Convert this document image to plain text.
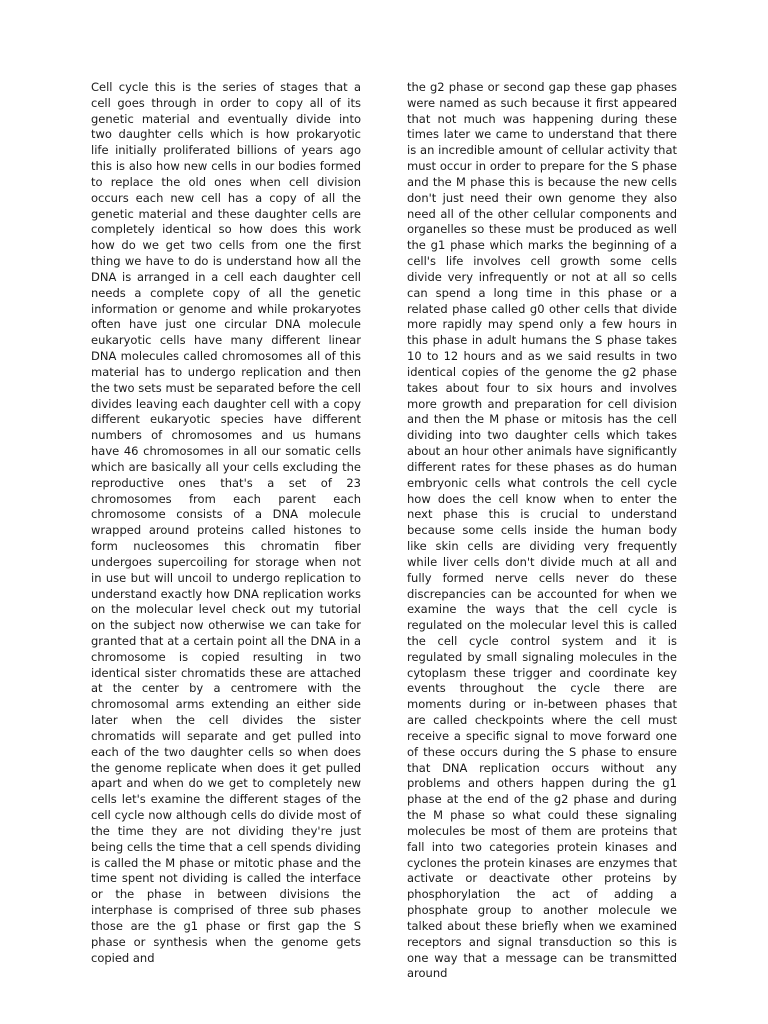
Cell cycle this is the series of stages that a cell goes through in order to copy all of its genetic material and eventually divide into two daughter cells which is how prokaryotic life initially proliferated billions of years ago this is also how new cells in our bodies formed to replace the old ones when cell division occurs each new cell has a copy of all the genetic material and these daughter cells are completely identical so how does this work how do we get two cells from one the first thing we have to do is understand how all the DNA is arranged in a cell each daughter cell needs a complete copy of all the genetic information or genome and while prokaryotes often have just one circular DNA molecule eukaryotic cells have many different linear DNA molecules called chromosomes all of this material has to undergo replication and then the two sets must be separated before the cell divides leaving each daughter cell with a copy different eukaryotic species have different numbers of chromosomes and us humans have 46 chromosomes in all our somatic cells which are basically all your cells excluding the reproductive ones that's a set of 23 chromosomes from each parent each chromosome consists of a DNA molecule wrapped around proteins called histones to form nucleosomes this chromatin fiber undergoes supercoiling for storage when not in use but will uncoil to undergo replication to understand exactly how DNA replication works on the molecular level check out my tutorial on the subject now otherwise we can take for granted that at a certain point all the DNA in a chromosome is copied resulting in two identical sister chromatids these are attached at the center by a centromere with the chromosomal arms extending an either side later when the cell divides the sister chromatids will separate and get pulled into each of the two daughter cells so when does the genome replicate when does it get pulled apart and when do we get to completely new cells let's examine the different stages of the cell cycle now although cells do divide most of the time they are not dividing they're just being cells the time that a cell spends dividing is called the M phase or mitotic phase and the time spent not dividing is called the interface or the phase in between divisions the interphase is comprised of three sub phases those are the g1 phase or first gap the S phase or synthesis when the genome gets copied and
the g2 phase or second gap these gap phases were named as such because it first appeared that not much was happening during these times later we came to understand that there is an incredible amount of cellular activity that must occur in order to prepare for the S phase and the M phase this is because the new cells don't just need their own genome they also need all of the other cellular components and organelles so these must be produced as well the g1 phase which marks the beginning of a cell's life involves cell growth some cells divide very infrequently or not at all so cells can spend a long time in this phase or a related phase called g0 other cells that divide more rapidly may spend only a few hours in this phase in adult humans the S phase takes 10 to 12 hours and as we said results in two identical copies of the genome the g2 phase takes about four to six hours and involves more growth and preparation for cell division and then the M phase or mitosis has the cell dividing into two daughter cells which takes about an hour other animals have significantly different rates for these phases as do human embryonic cells what controls the cell cycle how does the cell know when to enter the next phase this is crucial to understand because some cells inside the human body like skin cells are dividing very frequently while liver cells don't divide much at all and fully formed nerve cells never do these discrepancies can be accounted for when we examine the ways that the cell cycle is regulated on the molecular level this is called the cell cycle control system and it is regulated by small signaling molecules in the cytoplasm these trigger and coordinate key events throughout the cycle there are moments during or in-between phases that are called checkpoints where the cell must receive a specific signal to move forward one of these occurs during the S phase to ensure that DNA replication occurs without any problems and others happen during the g1 phase at the end of the g2 phase and during the M phase so what could these signaling molecules be most of them are proteins that fall into two categories protein kinases and cyclones the protein kinases are enzymes that activate or deactivate other proteins by phosphorylation the act of adding a phosphate group to another molecule we talked about these briefly when we examined receptors and signal transduction so this is one way that a message can be transmitted around
